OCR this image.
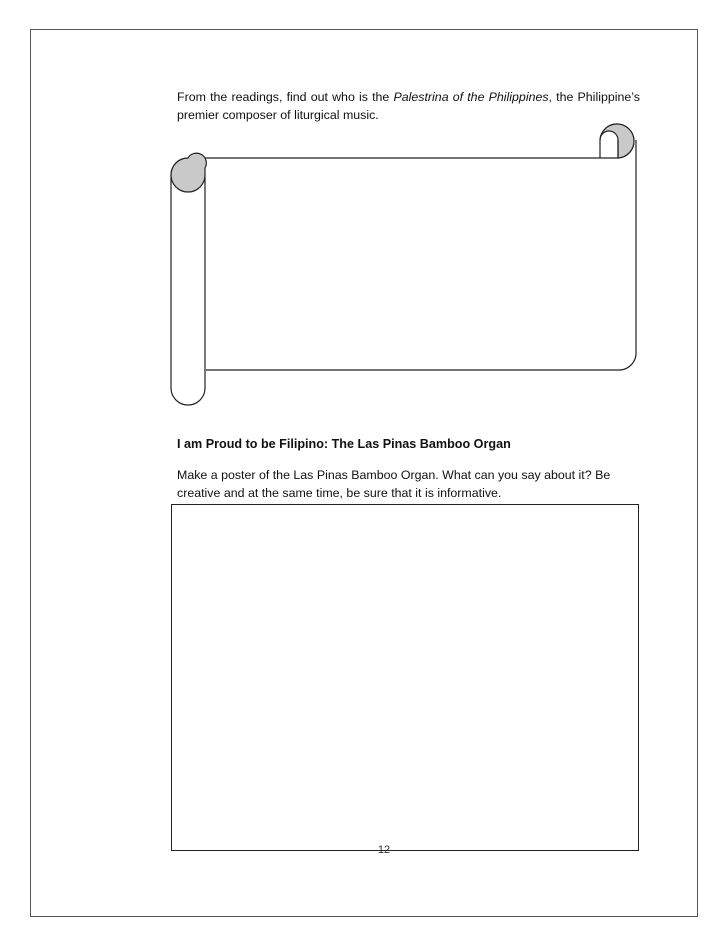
From the readings, find out who is the Palestrina of the Philippines, the Philippine’s premier composer of liturgical music.

I am Proud to be Filipino: The Las Pinas Bamboo Organ

Make a poster of the Las Pinas Bamboo Organ. What can you say about it? Be creative and at the same time, be sure that it is informative.

12
